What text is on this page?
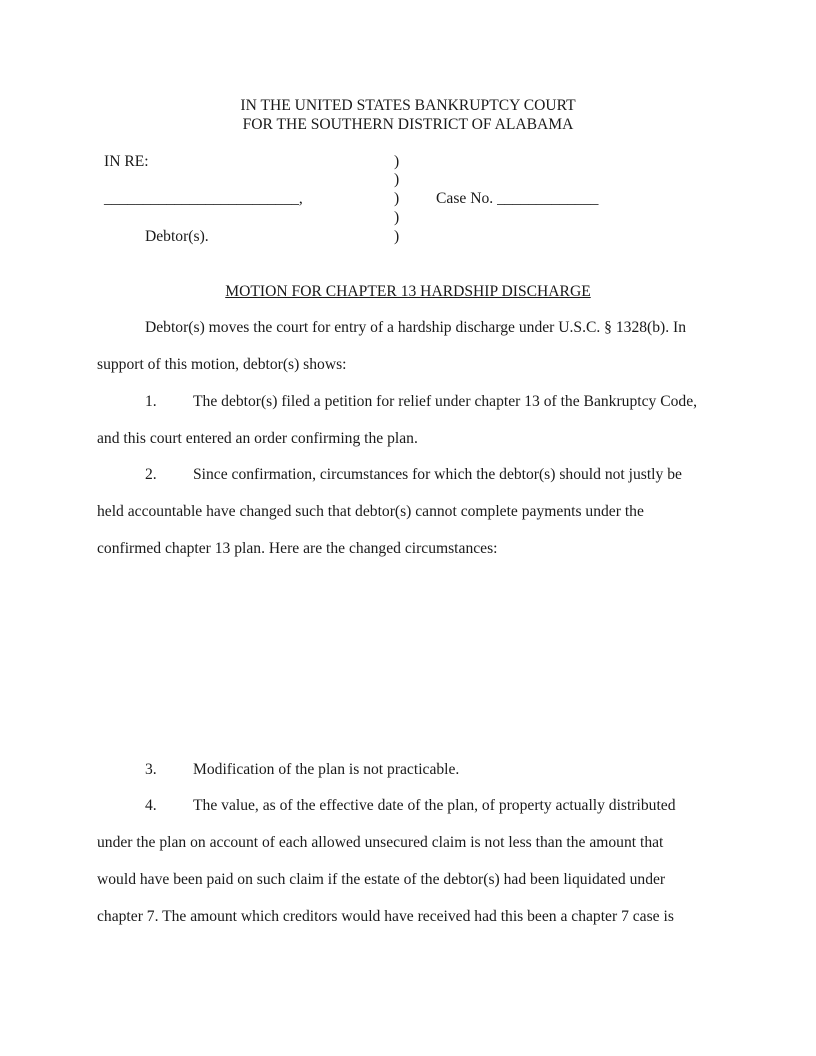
IN THE UNITED STATES BANKRUPTCY COURT
FOR THE SOUTHERN DISTRICT OF ALABAMA
IN RE:
_________________________,
Debtor(s).
)
)
)
)
)
Case No. _____________
MOTION FOR CHAPTER 13 HARDSHIP DISCHARGE
Debtor(s) moves the court for entry of a hardship discharge under U.S.C. § 1328(b). In
support of this motion, debtor(s) shows:
1. The debtor(s) filed a petition for relief under chapter 13 of the Bankruptcy Code,
and this court entered an order confirming the plan.
2. Since confirmation, circumstances for which the debtor(s) should not justly be
held accountable have changed such that debtor(s) cannot complete payments under the
confirmed chapter 13 plan. Here are the changed circumstances:
3. Modification of the plan is not practicable.
4. The value, as of the effective date of the plan, of property actually distributed
under the plan on account of each allowed unsecured claim is not less than the amount that
would have been paid on such claim if the estate of the debtor(s) had been liquidated under
chapter 7. The amount which creditors would have received had this been a chapter 7 case is
